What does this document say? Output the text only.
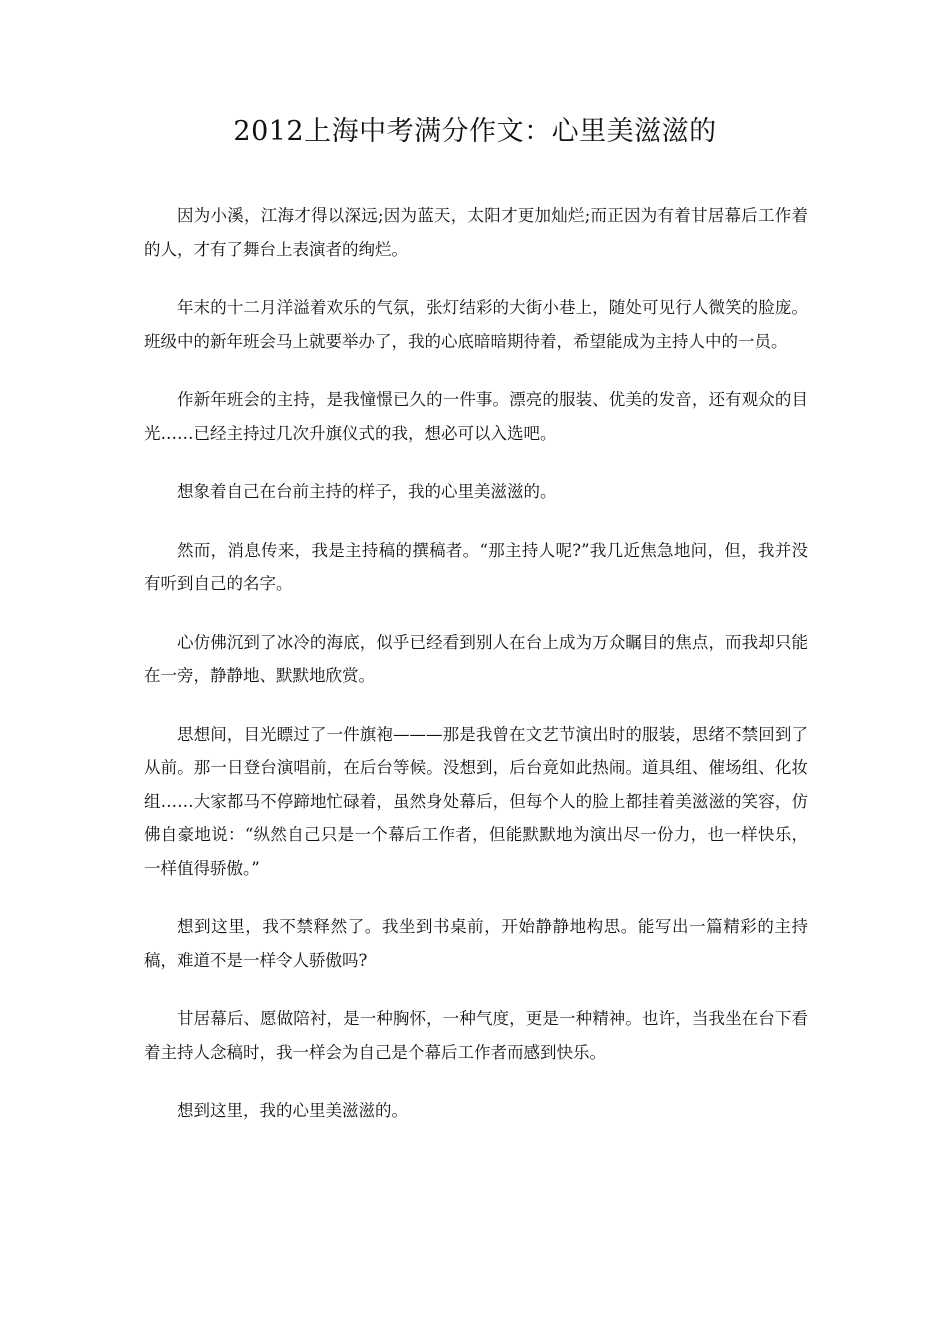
2012上海中考满分作文：心里美滋滋的

因为小溪，江海才得以深远;因为蓝天，太阳才更加灿烂;而正因为有着甘居幕后工作着的人，才有了舞台上表演者的绚烂。

年末的十二月洋溢着欢乐的气氛，张灯结彩的大街小巷上，随处可见行人微笑的脸庞。班级中的新年班会马上就要举办了，我的心底暗暗期待着，希望能成为主持人中的一员。

作新年班会的主持，是我憧憬已久的一件事。漂亮的服装、优美的发音，还有观众的目光……已经主持过几次升旗仪式的我，想必可以入选吧。

想象着自己在台前主持的样子，我的心里美滋滋的。

然而，消息传来，我是主持稿的撰稿者。“那主持人呢?”我几近焦急地问，但，我并没有听到自己的名字。

心仿佛沉到了冰冷的海底，似乎已经看到别人在台上成为万众瞩目的焦点，而我却只能在一旁，静静地、默默地欣赏。

思想间，目光瞟过了一件旗袍———那是我曾在文艺节演出时的服装，思绪不禁回到了从前。那一日登台演唱前，在后台等候。没想到，后台竟如此热闹。道具组、催场组、化妆组……大家都马不停蹄地忙碌着，虽然身处幕后，但每个人的脸上都挂着美滋滋的笑容，仿佛自豪地说：“纵然自己只是一个幕后工作者，但能默默地为演出尽一份力，也一样快乐，一样值得骄傲。”

想到这里，我不禁释然了。我坐到书桌前，开始静静地构思。能写出一篇精彩的主持稿，难道不是一样令人骄傲吗?

甘居幕后、愿做陪衬，是一种胸怀，一种气度，更是一种精神。也许，当我坐在台下看着主持人念稿时，我一样会为自己是个幕后工作者而感到快乐。

想到这里，我的心里美滋滋的。
